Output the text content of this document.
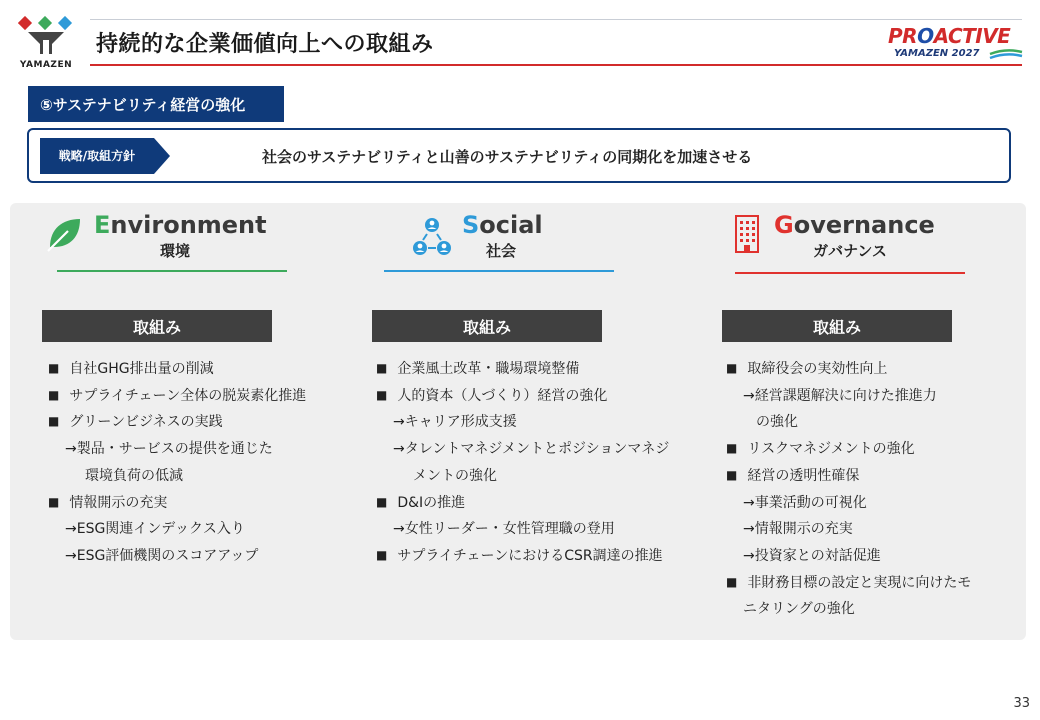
YAMAZEN
持続的な企業価値向上への取組み	PROACTIVE
YAMAZEN 2027
⑤サステナビリティ経営の強化
戦略/取組方針	社会のサステナビリティと山善のサステナビリティの同期化を加速させる
Environment
環境
取組み
■ 自社GHG排出量の削減
■ サプライチェーン全体の脱炭素化推進
■ グリーンビジネスの実践
→製品・サービスの提供を通じた
環境負荷の低減
■ 情報開示の充実
→ESG関連インデックス入り
→ESG評価機関のスコアアップ
Social
社会
取組み
■ 企業風土改革・職場環境整備
■ 人的資本（人づくり）経営の強化
→キャリア形成支援
→タレントマネジメントとポジションマネジ
メントの強化
■ D&Iの推進
→女性リーダー・女性管理職の登用
■ サプライチェーンにおけるCSR調達の推進
Governance
ガバナンス
取組み
■ 取締役会の実効性向上
→経営課題解決に向けた推進力
の強化
■ リスクマネジメントの強化
■ 経営の透明性確保
→事業活動の可視化
→情報開示の充実
→投資家との対話促進
■ 非財務目標の設定と実現に向けたモ
ニタリングの強化
33
